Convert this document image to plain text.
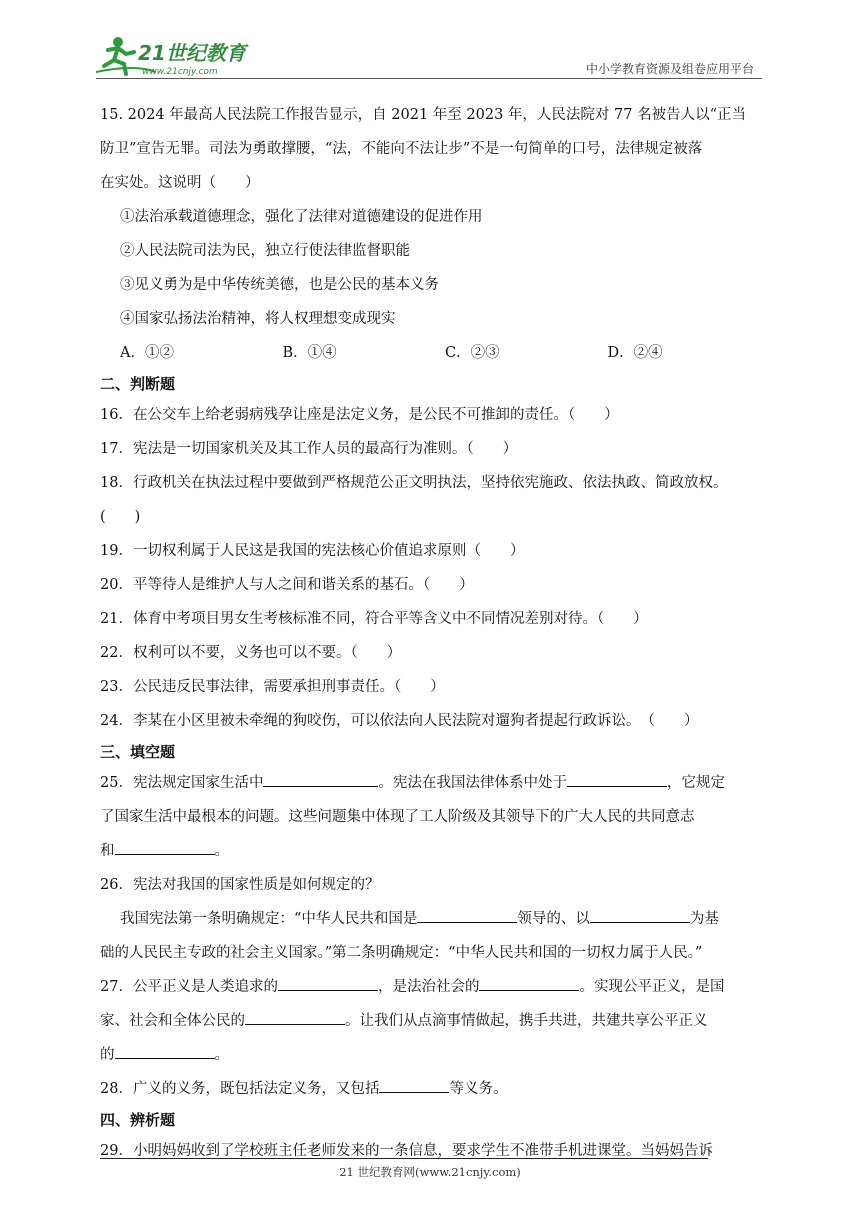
21世纪教育
www.21cnjy.com	中小学教育资源及组卷应用平台

15. 2024 年最高人民法院工作报告显示，自 2021 年至 2023 年，人民法院对 77 名被告人以“正当

防卫”宣告无罪。司法为勇敢撑腰，“法，不能向不法让步”不是一句简单的口号，法律规定被落

在实处。这说明（　　）

①法治承载道德理念，强化了法律对道德建设的促进作用

②人民法院司法为民，独立行使法律监督职能

③见义勇为是中华传统美德，也是公民的基本义务

④国家弘扬法治精神，将人权理想变成现实

A．①②	B．①④	C．②③	D．②④

二、判断题

16．在公交车上给老弱病残孕让座是法定义务，是公民不可推卸的责任。（　　）

17．宪法是一切国家机关及其工作人员的最高行为准则。（　　）

18．行政机关在执法过程中要做到严格规范公正文明执法，坚持依宪施政、依法执政、简政放权。

(　　)

19．一切权利属于人民这是我国的宪法核心价值追求原则（　　）

20．平等待人是维护人与人之间和谐关系的基石。（　　）

21．体育中考项目男女生考核标准不同，符合平等含义中不同情况差别对待。（　　）

22．权利可以不要，义务也可以不要。（　　）

23．公民违反民事法律，需要承担刑事责任。（　　）

24．李某在小区里被未牵绳的狗咬伤，可以依法向人民法院对遛狗者提起行政诉讼。　（　　）

三、填空题

25．宪法规定国家生活中	。宪法在我国法律体系中处于	，它规定

了国家生活中最根本的问题。这些问题集中体现了工人阶级及其领导下的广大人民的共同意志

和	。

26．宪法对我国的国家性质是如何规定的？

我国宪法第一条明确规定：“中华人民共和国是	领导的、以	为基

础的人民民主专政的社会主义国家。”第二条明确规定：“中华人民共和国的一切权力属于人民。”

27．公平正义是人类追求的	，是法治社会的	。实现公平正义，是国

家、社会和全体公民的	。让我们从点滴事情做起，携手共进，共建共享公平正义

的	。

28．广义的义务，既包括法定义务，又包括	等义务。

四、辨析题

29．小明妈妈收到了学校班主任老师发来的一条信息，要求学生不准带手机进课堂。当妈妈告诉

21 世纪教育网(www.21cnjy.com)
